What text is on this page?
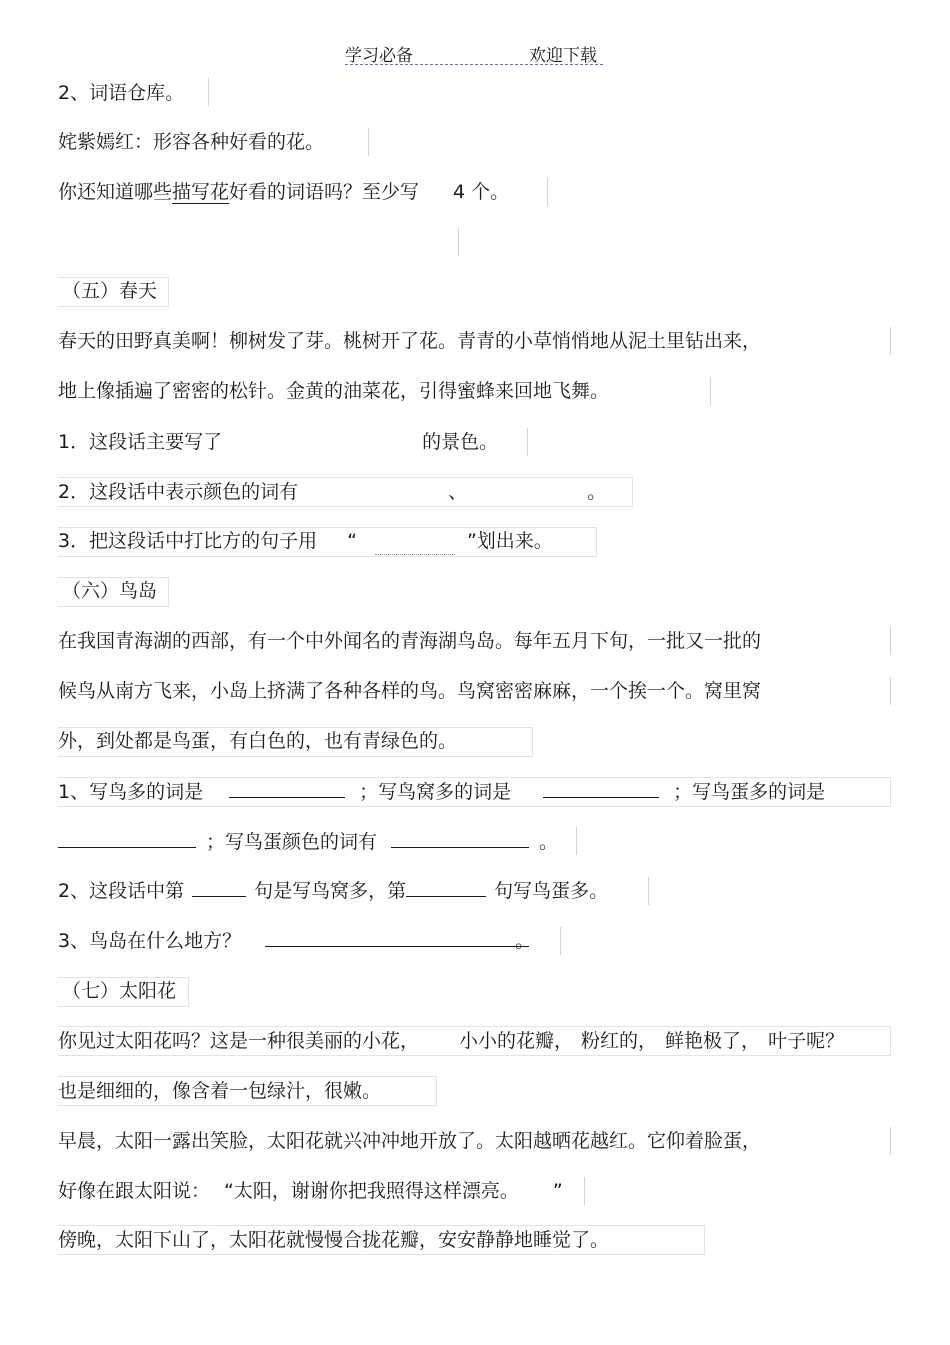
学习必备	欢迎下载
2、词语仓库。
姹紫嫣红：形容各种好看的花。
你还知道哪些描写花好看的词语吗？至少写 4 个。
（五）春天
春天的田野真美啊！柳树发了芽。桃树开了花。青青的小草悄悄地从泥土里钻出来，
地上像插遍了密密的松针。金黄的油菜花，引得蜜蜂来回地飞舞。
1．这段话主要写了	的景色。
2．这段话中表示颜色的词有	、	。
3．把这段话中打比方的句子用 “	”划出来。
（六）鸟岛
在我国青海湖的西部，有一个中外闻名的青海湖鸟岛。每年五月下旬，一批又一批的
候鸟从南方飞来，小岛上挤满了各种各样的鸟。鸟窝密密麻麻，一个挨一个。窝里窝
外，到处都是鸟蛋，有白色的，也有青绿色的。
1、写鸟多的词是	；写鸟窝多的词是	；写鸟蛋多的词是
；写鸟蛋颜色的词有	。
2、这段话中第	句是写鸟窝多，第	句写鸟蛋多。
3、鸟岛在什么地方？	。
（七）太阳花
你见过太阳花吗？这是一种很美丽的小花， 小小的花瓣， 粉红的， 鲜艳极了， 叶子呢？
也是细细的，像含着一包绿汁，很嫩。
早晨，太阳一露出笑脸，太阳花就兴冲冲地开放了。太阳越晒花越红。它仰着脸蛋，
好像在跟太阳说： “太阳，谢谢你把我照得这样漂亮。 ”
傍晚，太阳下山了，太阳花就慢慢合拢花瓣，安安静静地睡觉了。
